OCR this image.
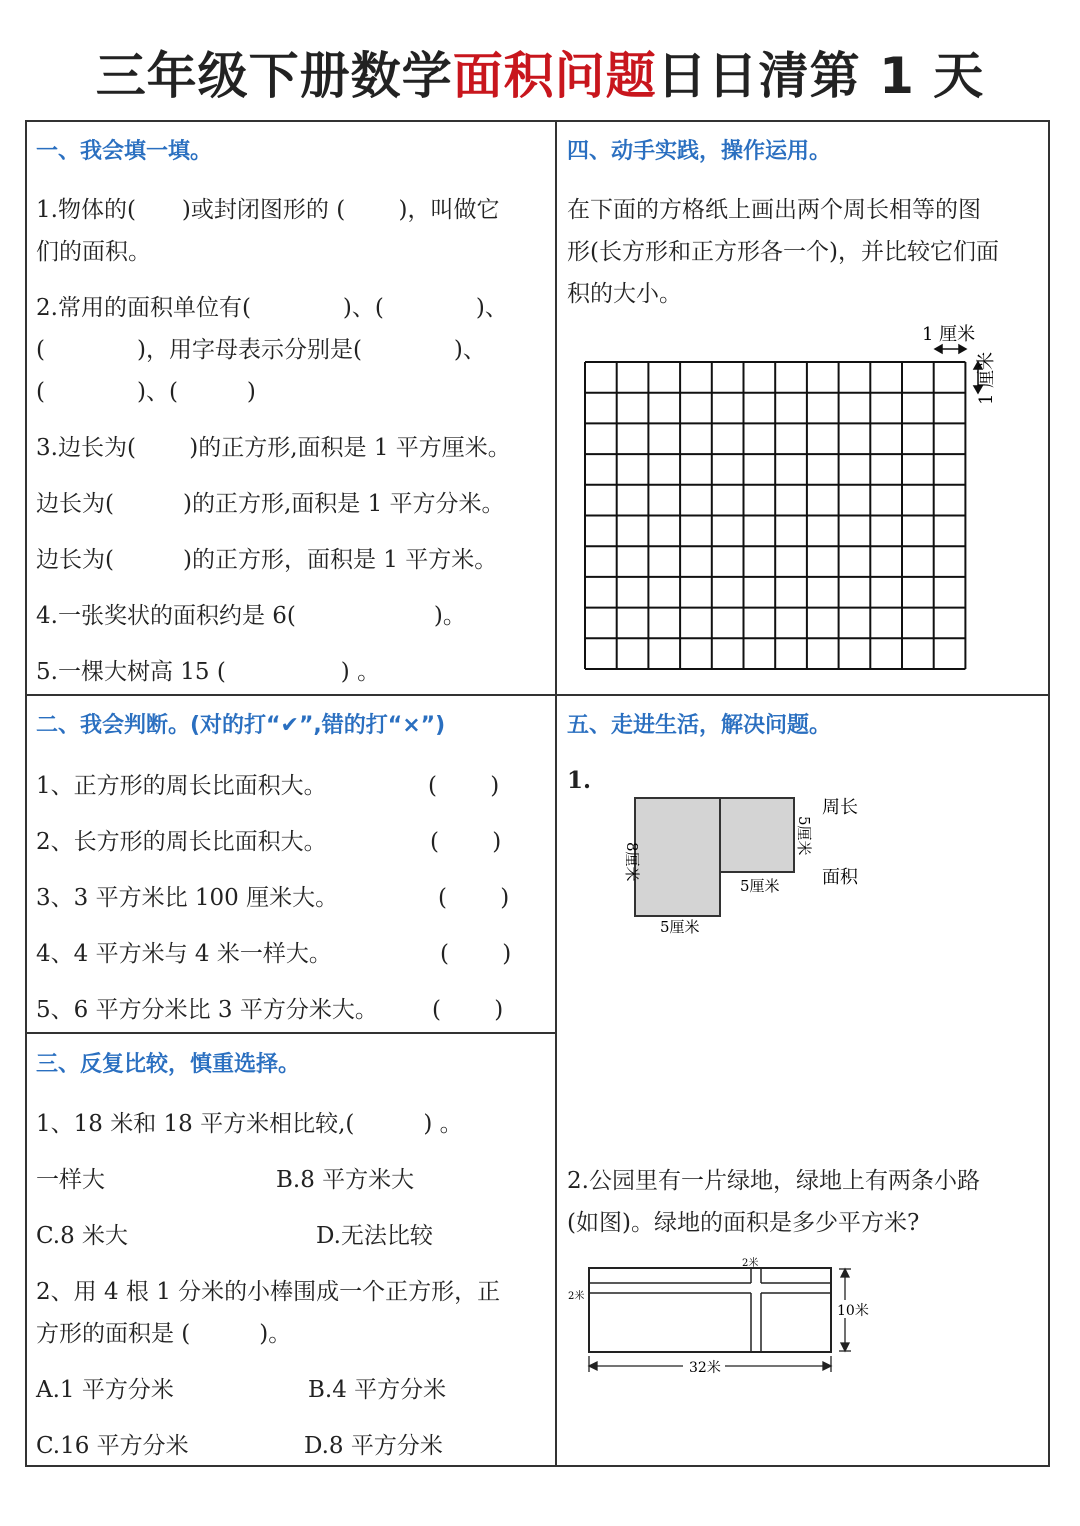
三年级下册数学面积问题日日清第 1 天
一、我会填一填。
1.物体的(　　)或封闭图形的 (　　 )，叫做它
们的面积。
2.常用的面积单位有(　　　　)、(　　　　)、
(　　　　)，用字母表示分别是(　　　　)、
(　　　　)、(　　　)
3.边长为(　　 )的正方形,面积是 1 平方厘米。
边长为(　　　)的正方形,面积是 1 平方分米。
边长为(　　　)的正方形，面积是 1 平方米。
4.一张奖状的面积约是 6(　　　　　　)。
5.一棵大树高 15 (　　　　　) 。
二、我会判断。(对的打“✔”,错的打“×”)
1、正方形的周长比面积大。	(　　 )
2、长方形的周长比面积大。	(　　 )
3、3 平方米比 100 厘米大。	(　　 )
4、4 平方米与 4 米一样大。	(　　 )
5、6 平方分米比 3 平方分米大。 (　　 )
三、反复比较，慎重选择。
1、18 米和 18 平方米相比较,(　　　) 。
一样大	B.8 平方米大
C.8 米大	D.无法比较
2、用 4 根 1 分米的小棒围成一个正方形，正
方形的面积是 (　　　)。
A.1 平方分米	B.4 平方分米
C.16 平方分米	D.8 平方分米
四、动手实践，操作运用。
在下面的方格纸上画出两个周长相等的图
形(长方形和正方形各一个)，并比较它们面
积的大小。
1 厘米
1 厘米
五、走进生活，解决问题。
1.
8厘米
5厘米
5厘米
5厘米
周长
面积
2.公园里有一片绿地，绿地上有两条小路
(如图)。绿地的面积是多少平方米?
2米
2米
10米
32米
